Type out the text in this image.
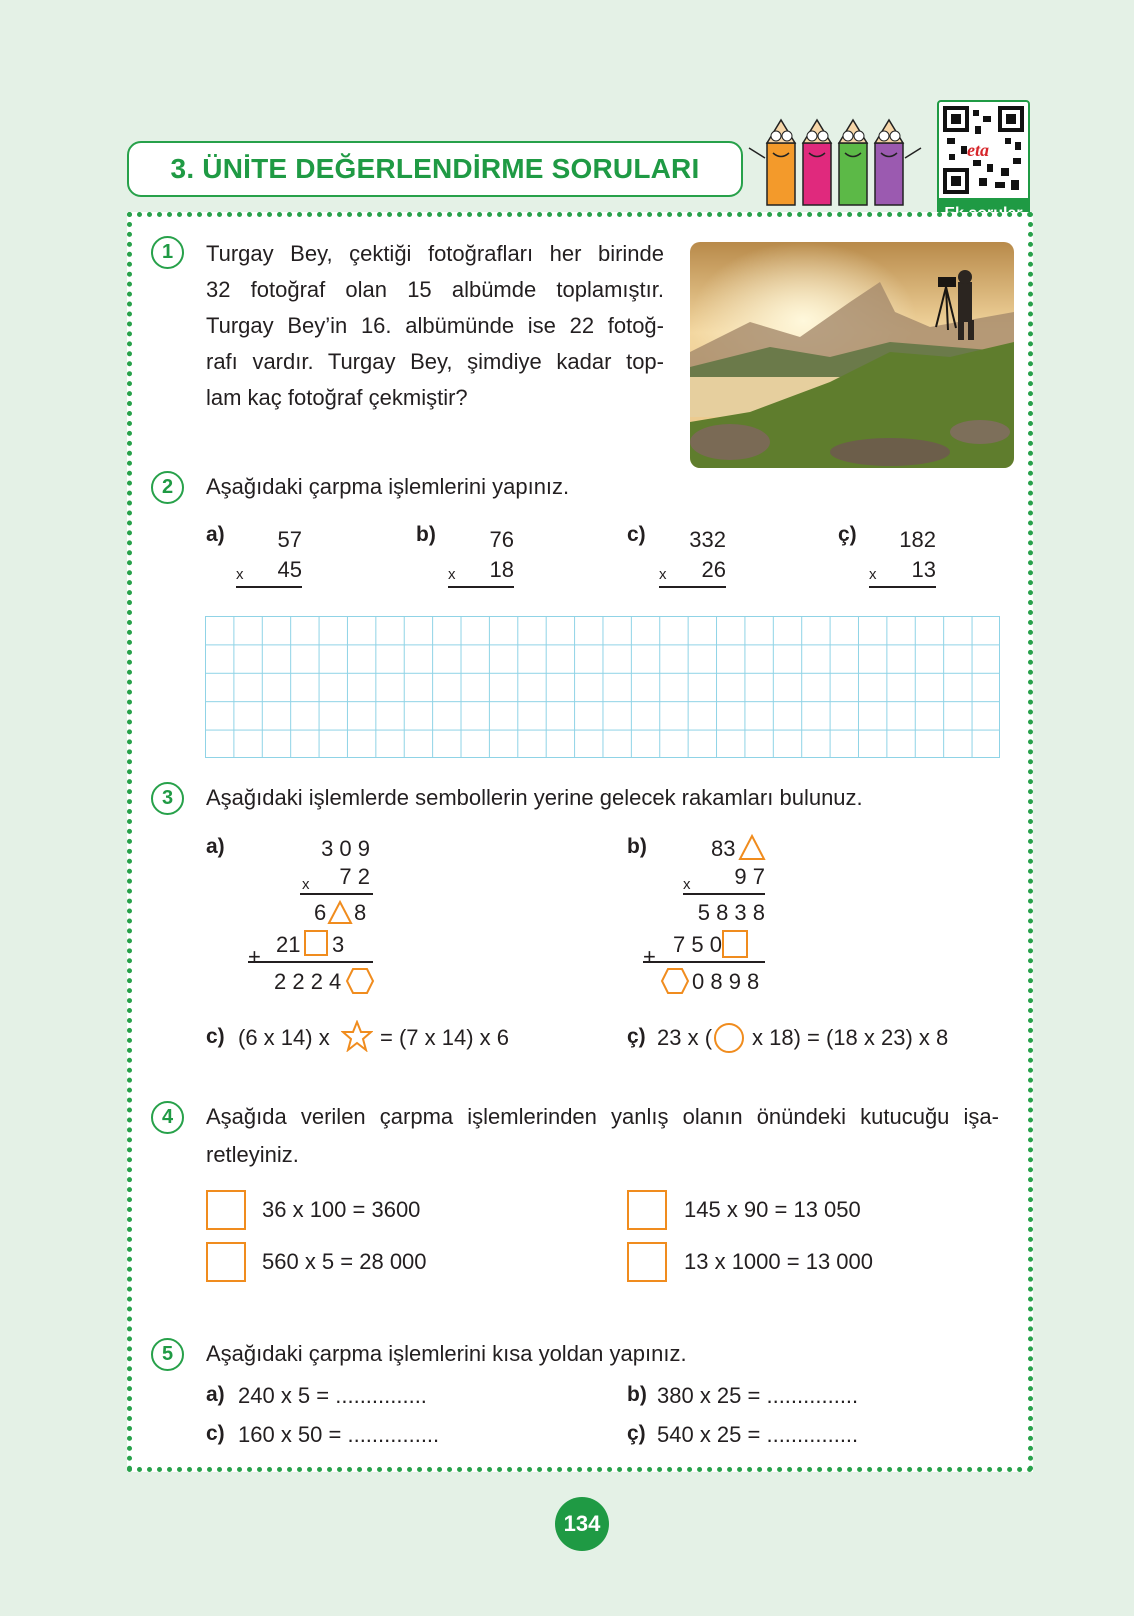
3. ÜNİTE DEĞERLENDİRME SORULARI
eta
1	Turgay Bey, çektiği fotoğrafları her birinde
32 fotoğraf olan 15 albümde toplamıştır.
Turgay Bey’in 16. albümünde ise 22 fotoğ-
rafı vardır. Turgay Bey, şimdiye kadar top-
lam kaç fotoğraf çekmiştir?
2	Aşağıdaki çarpma işlemlerini yapınız.
a)	57
x	45
b)	76
x	18
c)	332
x	26
ç)	182
x	13
3	Aşağıdaki işlemlerde sembollerin yerine gelecek rakamları bulunuz.
a)	3 0 9
x	7 2
6 8
+ 21 3
2 2 2 4
b)	83
x	9 7
5 8 3 8
+ 7 5 0
0 8 9 8
c) (6 x 14) x = (7 x 14) x 6	ç) 23 x ( x 18) = (18 x 23) x 8
4	Aşağıda verilen çarpma işlemlerinden yanlış olanın önündeki kutucuğu işa-
retleyiniz.
36 x 100 = 3600	145 x 90 = 13 050
560 x 5 = 28 000	13 x 1000 = 13 000
5	Aşağıdaki çarpma işlemlerini kısa yoldan yapınız.
a) 240 x 5 = ...............	b) 380 x 25 = ...............
c) 160 x 50 = ...............	ç) 540 x 25 = ...............
134
